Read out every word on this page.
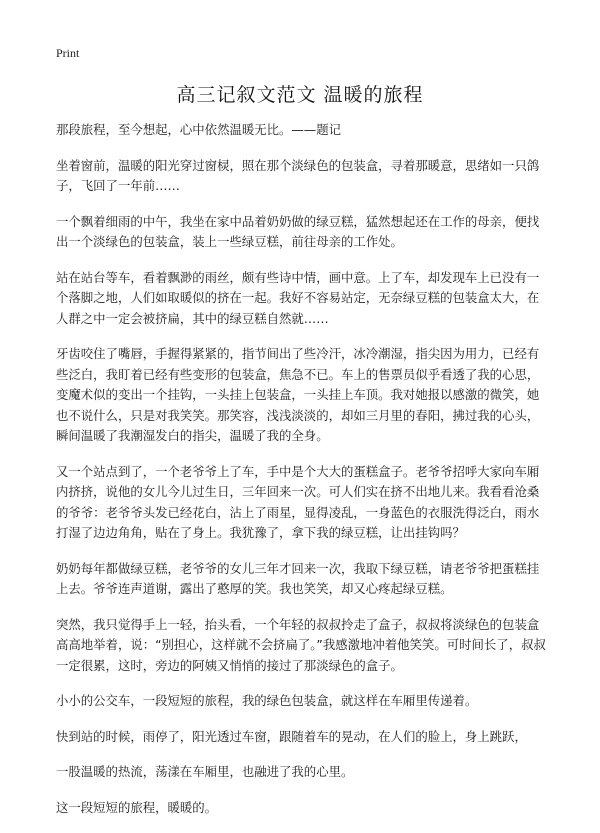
Print
高三记叙文范文 温暖的旅程

那段旅程，至今想起，心中依然温暖无比。——题记

坐着窗前，温暖的阳光穿过窗棂，照在那个淡绿色的包装盒，寻着那暖意，思绪如一只鸽子，飞回了一年前……

一个飘着细雨的中午，我坐在家中品着奶奶做的绿豆糕，猛然想起还在工作的母亲，便找出一个淡绿色的包装盒，装上一些绿豆糕，前往母亲的工作处。

站在站台等车，看着飘渺的雨丝，颇有些诗中情，画中意。上了车，却发现车上已没有一个落脚之地，人们如取暖似的挤在一起。我好不容易站定，无奈绿豆糕的包装盒太大，在人群之中一定会被挤扁，其中的绿豆糕自然就……

牙齿咬住了嘴唇，手握得紧紧的，指节间出了些冷汗，冰冷潮湿，指尖因为用力，已经有些泛白，我盯着已经有些变形的包装盒，焦急不已。车上的售票员似乎看透了我的心思，变魔术似的变出一个挂钩，一头挂上包装盒，一头挂上车顶。我对她报以感激的微笑，她也不说什么，只是对我笑笑。那笑容，浅浅淡淡的，却如三月里的春阳，拂过我的心头，瞬间温暖了我潮湿发白的指尖，温暖了我的全身。

又一个站点到了，一个老爷爷上了车，手中是个大大的蛋糕盒子。老爷爷招呼大家向车厢内挤挤，说他的女儿今儿过生日，三年回来一次。可人们实在挤不出地儿来。我看看沧桑的爷爷：老爷爷头发已经花白，沾上了雨星，显得凌乱，一身蓝色的衣服洗得泛白，雨水打湿了边边角角，贴在了身上。我犹豫了，拿下我的绿豆糕，让出挂钩吗？

奶奶每年都做绿豆糕，老爷爷的女儿三年才回来一次，我取下绿豆糕，请老爷爷把蛋糕挂上去。爷爷连声道谢，露出了憨厚的笑。我也笑笑，却又心疼起绿豆糕。

突然，我只觉得手上一轻，抬头看，一个年轻的叔叔拎走了盒子，叔叔将淡绿色的包装盒高高地举着，说：“别担心，这样就不会挤扁了。”我感激地冲着他笑笑。可时间长了，叔叔一定很累，这时，旁边的阿姨又悄悄的接过了那淡绿色的盒子。

小小的公交车，一段短短的旅程，我的绿色包装盒，就这样在车厢里传递着。

快到站的时候，雨停了，阳光透过车窗，跟随着车的晃动，在人们的脸上，身上跳跃，

一股温暖的热流，荡漾在车厢里，也融进了我的心里。

这一段短短的旅程，暖暖的。
